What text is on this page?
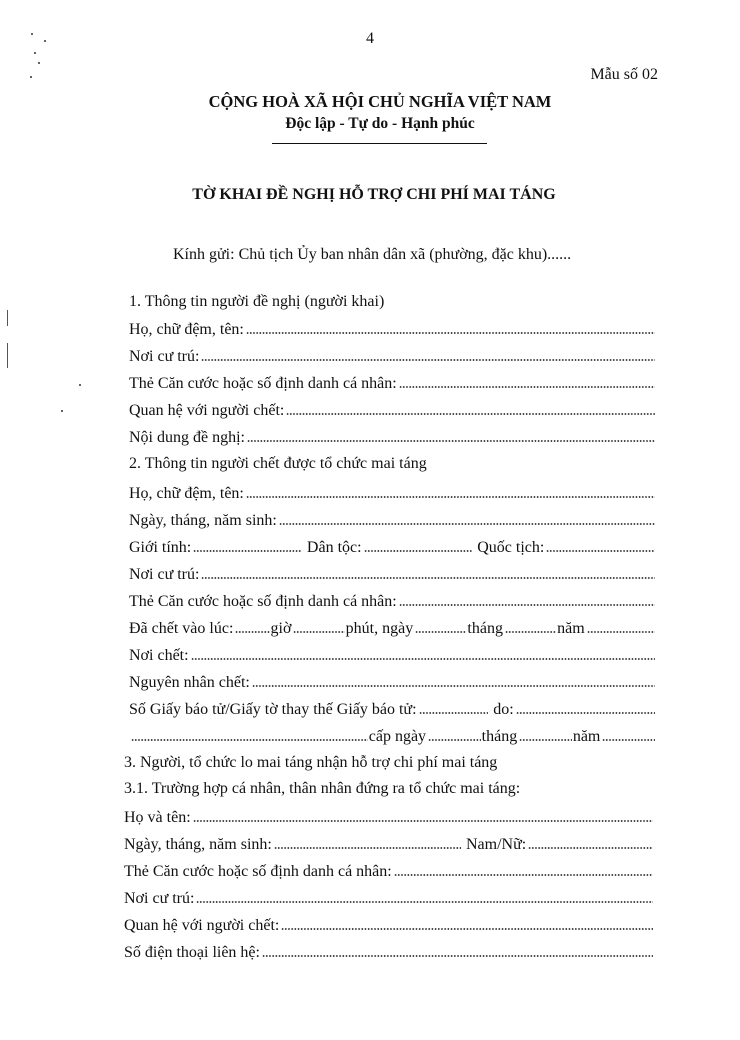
4
Mẫu số 02
CỘNG HOÀ XÃ HỘI CHỦ NGHĨA VIỆT NAM
Độc lập - Tự do - Hạnh phúc
TỜ KHAI ĐỀ NGHỊ HỖ TRỢ CHI PHÍ MAI TÁNG
Kính gửi: Chủ tịch Ủy ban nhân dân xã (phường, đặc khu)......
1. Thông tin người đề nghị (người khai)
Họ, chữ đệm, tên:
Nơi cư trú:
Thẻ Căn cước hoặc số định danh cá nhân:
Quan hệ với người chết:
Nội dung đề nghị:
2. Thông tin người chết được tổ chức mai táng
Họ, chữ đệm, tên:
Ngày, tháng, năm sinh:
Giới tính:	Dân tộc:	Quốc tịch:
Nơi cư trú:
Thẻ Căn cước hoặc số định danh cá nhân:
Đã chết vào lúc: giờ	phút, ngày	tháng	năm
Nơi chết:
Nguyên nhân chết:
Số Giấy báo tử/Giấy tờ thay thế Giấy báo tử:	do:
cấp ngày	tháng	năm
3. Người, tổ chức lo mai táng nhận hỗ trợ chi phí mai táng
3.1. Trường hợp cá nhân, thân nhân đứng ra tổ chức mai táng:
Họ và tên:
Ngày, tháng, năm sinh:	Nam/Nữ:
Thẻ Căn cước hoặc số định danh cá nhân:
Nơi cư trú:
Quan hệ với người chết:
Số điện thoại liên hệ:
